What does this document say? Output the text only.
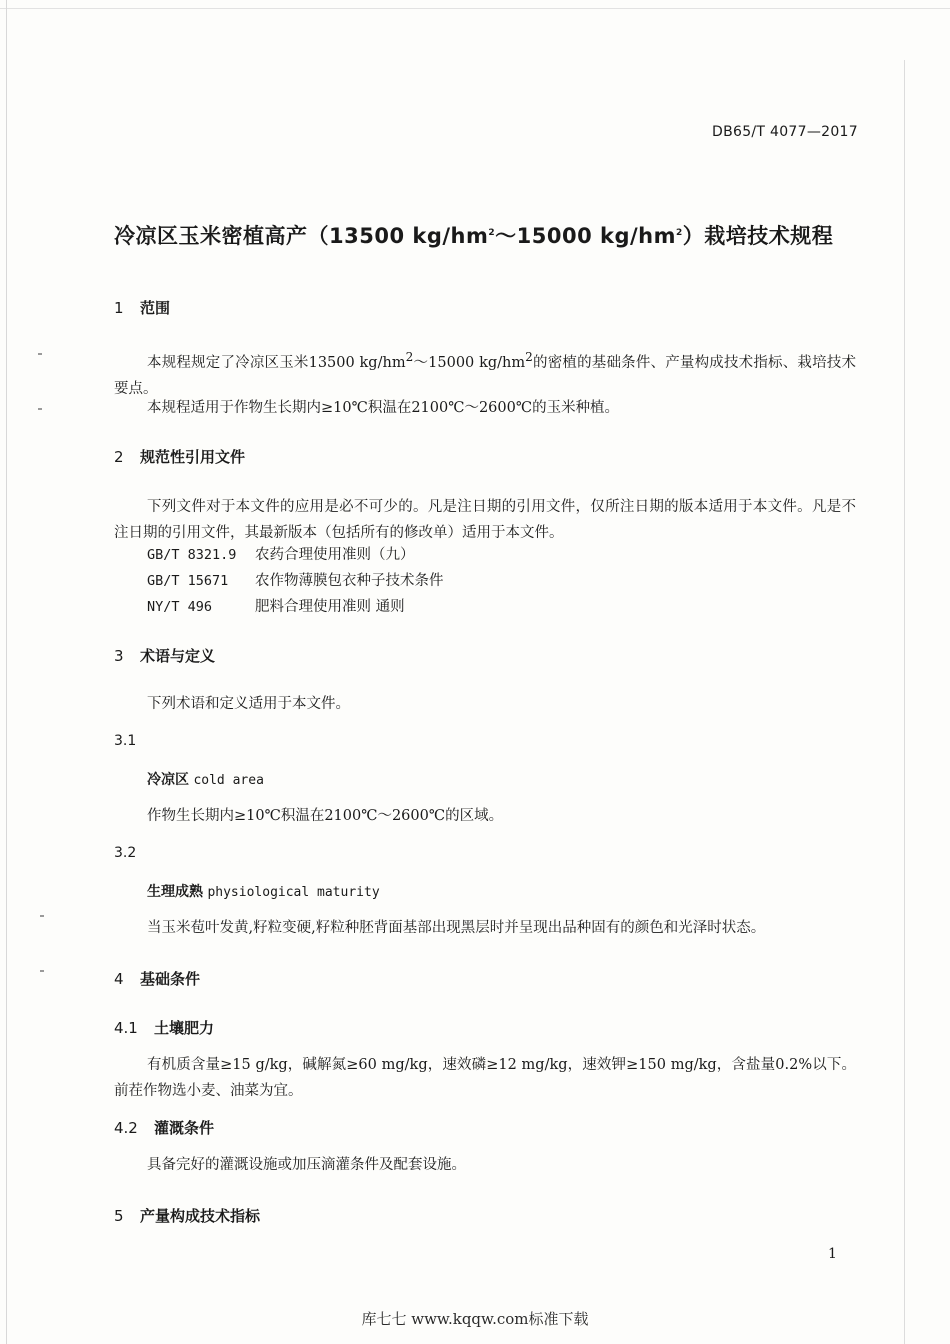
DB65/T 4077—2017
冷凉区玉米密植高产（13500 $kg/hm^2\sim 15000$ $kg/hm^2$）栽培技术规程
1 范围
本规程规定了冷凉区玉米13500 $kg/hm^2\sim 15000$ $kg/hm^2$的密植的基础条件、产量构成技术指标、栽培技术要点。
本规程适用于作物生长期内≥10℃积温在2100℃～2600℃的玉米种植。
2 规范性引用文件
下列文件对于本文件的应用是必不可少的。凡是注日期的引用文件，仅所注日期的版本适用于本文件。凡是不注日期的引用文件，其最新版本（包括所有的修改单）适用于本文件。
GB/T 8321.9 农药合理使用准则（九）
GB/T 15671 农作物薄膜包衣种子技术条件
NY/T 496	肥料合理使用准则 通则
3 术语与定义
下列术语和定义适用于本文件。
3.1
冷凉区 cold area
作物生长期内≥10℃积温在2100℃～2600℃的区域。
3.2
生理成熟 physiological maturity
当玉米苞叶发黄,籽粒变硬,籽粒种胚背面基部出现黑层时并呈现出品种固有的颜色和光泽时状态。
4 基础条件
4.1 土壤肥力
有机质含量≥15 g/kg，碱解氮≥60 mg/kg，速效磷≥12 mg/kg，速效钾≥150 mg/kg，含盐量0.2%以下。前茬作物选小麦、油菜为宜。
4.2 灌溉条件
具备完好的灌溉设施或加压滴灌条件及配套设施。
5 产量构成技术指标
1
库七七 www.kqqw.com标准下载
